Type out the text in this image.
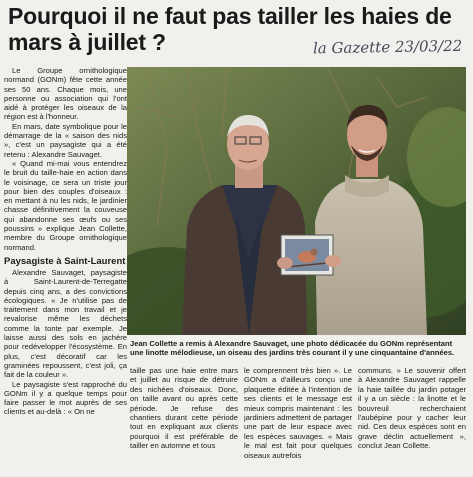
Pourquoi il ne faut pas tailler les haies de mars à juillet ?	la Gazette 23/03/22

Le Groupe ornithologique normand (GONm) fête cette année ses 50 ans. Chaque mois, une personne ou association qui l'ont aidé à protéger les oiseaux de la région est à l'honneur.

En mars, date symbolique pour le démarrage de la « saison des nids », c'est un paysagiste qui a été retenu : Alexandre Sauvaget.

« Quand mi-mai vous entendrez le bruit du taille-haie en action dans le voisinage, ce sera un triste jour pour bien des couples d'oiseaux : en mettant à nu les nids, le jardinier chasse définitivement la couveuse qui abandonne ses œufs ou ses poussins » explique Jean Collette, membre du Groupe ornithologique normand.

Paysagiste à Saint-Laurent

Alexandre Sauvaget, paysagiste à Saint-Laurent-de-Terregatte depuis cinq ans, a des convictions écologiques. « Je n'utilise pas de traitement dans mon travail et je revalorise même les déchets comme la tonte par exemple. Je laisse aussi des sols en jachère pour redévelopper l'écosystème. En plus, c'est décoratif car les graminées repoussent, c'est joli, ça fait de la couleur ».

Le paysagiste s'est rapproché du GONm il y a quelque temps pour faire passer le mot auprès de ses clients et au-delà : « On ne

Jean Collette a remis à Alexandre Sauvaget, une photo dédicacée du GONm représentant une linotte mélodieuse, un oiseau des jardins très courant il y une cinquantaine d'années.

taille pas une haie entre mars et juillet au risque de détruire des nichées d'oiseaux. Donc, on taille avant ou après cette période. Je refuse des chantiers durant cette période tout en expliquant aux clients pourquoi il est préférable de tailler en automne et tous
le comprennent très bien ». Le GONm a d'ailleurs conçu une plaquette éditée à l'intention de ses clients et le message est mieux compris maintenant : les jardiniers admettent de partager une part de leur espace avec les espèces sauvages. « Mais le mal est fait pour quelques oiseaux autrefois
communs. » Le souvenir offert à Alexandre Sauvaget rappelle la haie taillée du jardin potager il y a un siècle : la linotte et le bouvreuil recherchaient l'aubépine pour y cacher leur nid. Ces deux espèces sont en grave déclin actuellement », conclut Jean Collette.
